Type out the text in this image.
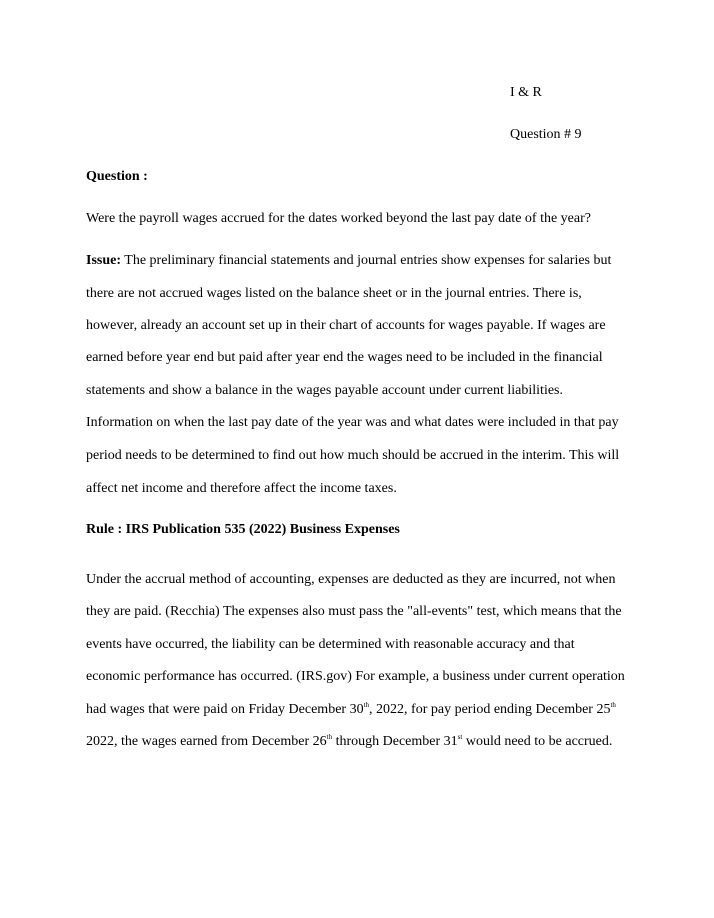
I & R
Question # 9
Question :
Were the payroll wages accrued for the dates worked beyond the last pay date of the year?
Issue: The preliminary financial statements and journal entries show expenses for salaries but
there are not accrued wages listed on the balance sheet or in the journal entries. There is,
however, already an account set up in their chart of accounts for wages payable. If wages are
earned before year end but paid after year end the wages need to be included in the financial
statements and show a balance in the wages payable account under current liabilities.
Information on when the last pay date of the year was and what dates were included in that pay
period needs to be determined to find out how much should be accrued in the interim. This will
affect net income and therefore affect the income taxes.
Rule : IRS Publication 535 (2022) Business Expenses
Under the accrual method of accounting, expenses are deducted as they are incurred, not when
they are paid. (Recchia) The expenses also must pass the "all-events" test, which means that the
events have occurred, the liability can be determined with reasonable accuracy and that
economic performance has occurred. (IRS.gov) For example, a business under current operation
had wages that were paid on Friday December 30th, 2022, for pay period ending December 25th
2022, the wages earned from December 26th through December 31st would need to be accrued.
